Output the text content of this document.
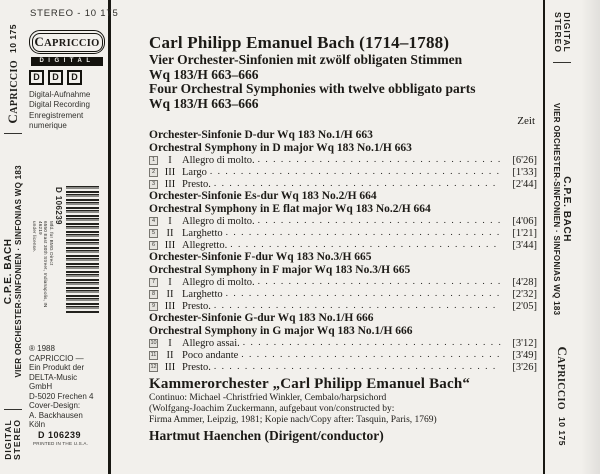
DIGITAL STEREO
C.P.E. BACH VIER ORCHESTER-SINFONIEN · SINFONIAS WQ 183
CAPRICCIO
10 175	DIGITAL
STEREO
C.P.E. BACH
VIER ORCHESTER-SINFONIEN · SINFONIAS WQ 183
CAPRICCIO
10 175
STEREO - 10 175
CAPRICCIO
DIGITAL
D	D	D
Digital-Aufnahme
Digital Recording
Enregistrement
numerique
D 106239
Mfd. for BMG Direct
6550 East 30th Street, Indianapolis, IN 46219
under license.
® 1988
CAPRICCIO —
Ein Produkt der
DELTA-Music
GmbH
D-5020 Frechen 4
Cover-Design:
A. Backhausen
Köln
D 106239
PRINTED IN THE U.S.A.
Carl Philipp Emanuel Bach (1714–1788)
Vier Orchester-Sinfonien mit zwölf obligaten Stimmen
Wq 183/H 663–666
Four Orchestral Symphonies with twelve obbligato parts
Wq 183/H 663–666
Zeit
Orchester-Sinfonie D-dur Wq 183 No.1/H 663
Orchestral Symphony in D major Wq 183 No.1/H 663
1	I Allegro di molto. . . .	[6'26]
2 III Largo . . .	[1'33]
3 III Presto. . . .	[2'44]
Orchester-Sinfonie Es-dur Wq 183 No.2/H 664
Orchestral Symphony in E flat major Wq 183 No.2/H 664
4	I Allegro di molto. . . .	[4'06]
5	II Larghetto . . .	[1'21]
6 III Allegretto. . . .	[3'44]
Orchester-Sinfonie F-dur Wq 183 No.3/H 665
Orchestral Symphony in F major Wq 183 No.3/H 665
7	I Allegro di molto. . . .	[4'28]
8	II Larghetto . . .	[2'32]
9 III Presto. . . .	[2'05]
Orchester-Sinfonie G-dur Wq 183 No.1/H 666
Orchestral Symphony in G major Wq 183 No.1/H 666
10	I Allegro assai. . . .	[3'12]
11 II Poco andante . . .	[3'49]
12 III Presto. . . .	[3'26]
Kammerorchester „Carl Philipp Emanuel Bach“
Continuo: Michael -Christfried Winkler, Cembalo/harpsichord
(Wolfgang-Joachim Zuckermann, aufgebaut von/constructed by:
Firma Ammer, Leipzig, 1981; Kopie nach/Copy after: Tasquin, Paris, 1769)
Hartmut Haenchen (Dirigent/conductor)
